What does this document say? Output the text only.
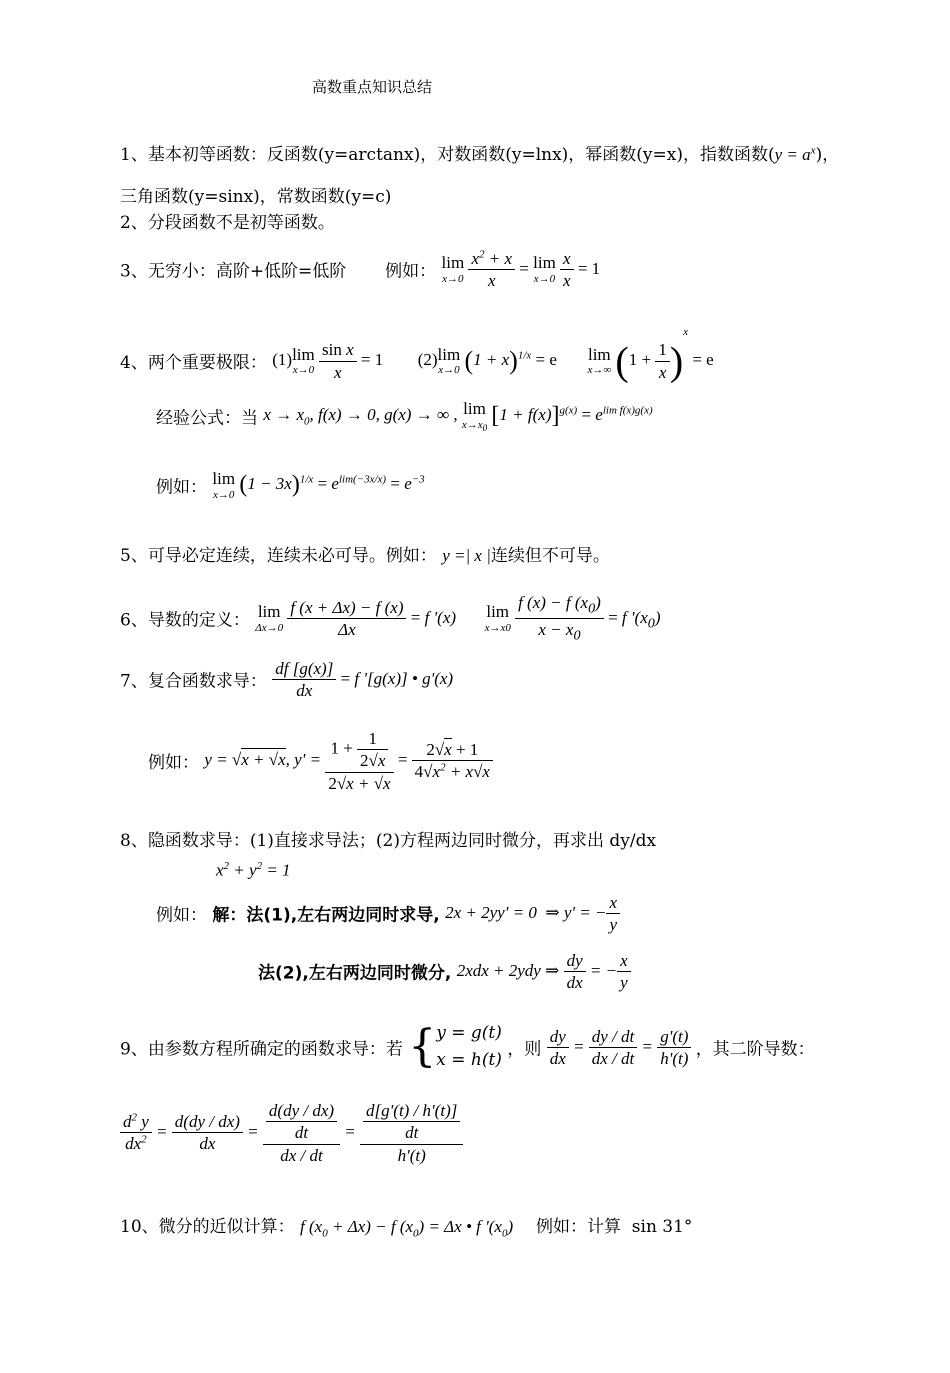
高数重点知识总结
1、基本初等函数：反函数(y=arctanx)，对数函数(y=lnx)，幂函数(y=x)，指数函数$(y = a^x)$，
三角函数(y=sinx)，常数函数(y=c)
2、分段函数不是初等函数。
3、无穷小：高阶+低阶=低阶 例如： lim
x→0
$\frac{x^2 + x}{x} = \lim$
x→0
$\frac{x}{x} = 1$
4、两个重要极限： (1)lim
x→0
$\frac{\text{sin x}}{x} = 1$ (2)lim
x→0 $(1 + x)^{1/x} = e$ lim
x→∞ $(1 + \frac{1}{x} )^x = e$
经验公式：当 $x \to x_0$, f(x) → 0, g(x) → ∞ , lim
$x\to x_0$ $[1 + f(x)]^{g(x)} = e^{lim f(x)g(x)}$
例如： lim
x→0 $(1 - 3x)^{1/x} = e^{lim(-3x/x)} = e^{-3}$
5、可导必定连续，连续未必可导。例如： y =| x |连续但不可导。
6、导数的定义： lim
Δx→0
$\frac{f (x + \Delta x) - f (x)}{\Delta x} = f$ '(x)  lim
x→x0
$\frac{f (x) - f (x_0)}{x - x_0} = f$ '$(x_0)$
7、复合函数求导： $\frac{df [g(x)]}{dx} = f$ '[g(x)] • g'(x)
例如： y = √x + √x, $y' = \frac{1 + \frac{1}{2√x}}{2√x + √x} = \frac{2√x + 1}{4√x^2 + x√x}$
8、隐函数求导：(1)直接求导法；(2)方程两边同时微分，再求出 dy/dx
$x^2 + y^2 = 1$
例如： 解：法(1),左右两边同时求导, 2x + 2yy' = 0  ⇒ y' = − $\frac{x}{y}$
法(2),左右两边同时微分, 2xdx + 2ydy ⇒ $\frac{dy}{dx}$ = − $\frac{x}{y}$
9、由参数方程所确定的函数求导：若 {y = g(t)
x = h(t) ，则 $\frac{dy}{dx} = \frac{dy / dt}{dx / dt} = \frac{g'(t)}{h'(t)}$ ，其二阶导数：
$\frac{d^2 y}{dx^2} = \frac{d(dy / dx)}{dx} = \frac{\frac{d(dy / dx)}{dt}}{dx / dt} = \frac{\frac{d[g'(t) / h'(t)]}{dt}}{h'(t)}$
10、微分的近似计算： f $(x_0 + \Delta x) - f$ $(x_0) = \Delta x$ • f '$(x_0)$ 例如：计算  sin 31°
